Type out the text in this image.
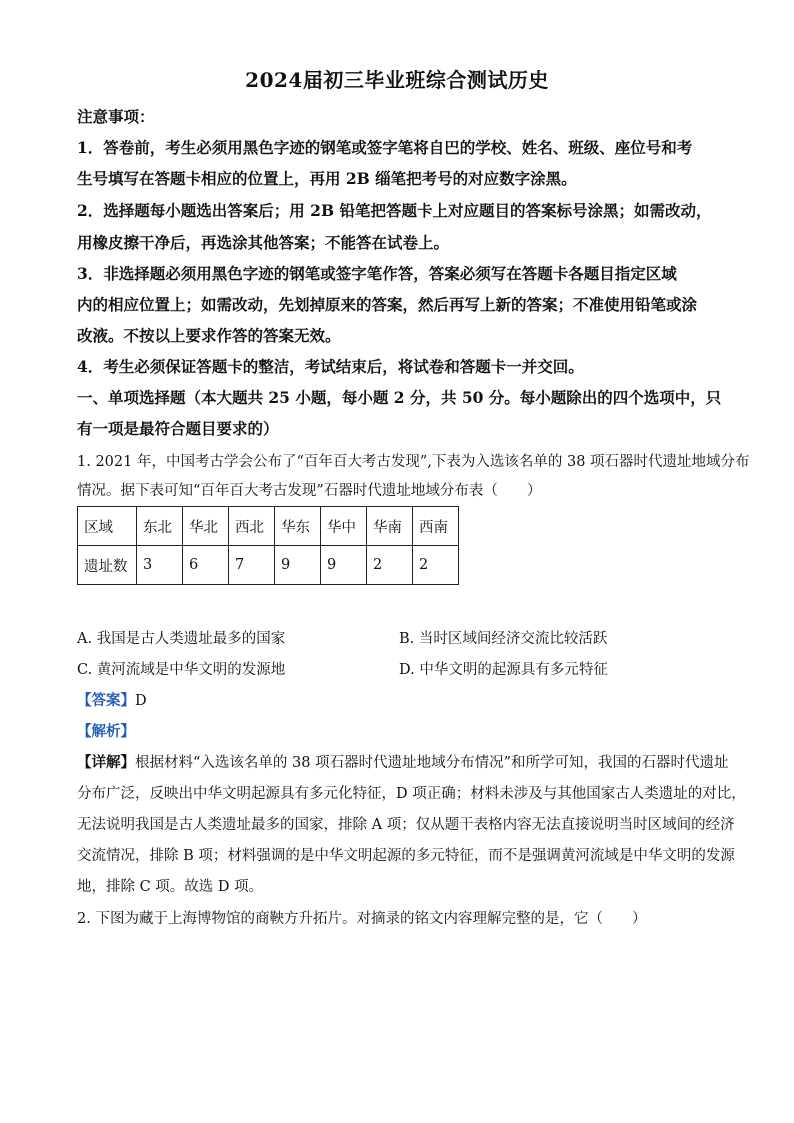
2024届初三毕业班综合测试历史
注意事项：
1．答卷前，考生必须用黑色字迹的钢笔或签字笔将自巴的学校、姓名、班级、座位号和考
生号填写在答题卡相应的位置上，再用 2B 缁笔把考号的对应数字涂黑。
2．选择题每小题选出答案后；用 2B 铅笔把答题卡上对应题目的答案标号涂黑；如需改动，
用橡皮擦干净后，再选涂其他答案；不能答在试卷上。
3．非选择题必须用黑色字迹的钢笔或签字笔作答，答案必须写在答题卡各题目指定区域
内的相应位置上；如需改动，先划掉原来的答案，然后再写上新的答案；不准使用铅笔或涂
改液。不按以上要求作答的答案无效。
4．考生必须保证答题卡的整洁，考试结束后，将试卷和答题卡一并交回。
一、单项选择题（本大题共 25 小题，每小题 2 分，共 50 分。每小题除出的四个选项中，只
有一项是最符合题目要求的）
1. 2021 年，中国考古学会公布了“百年百大考古发现”,下表为入选该名单的 38 项石器时代遗址地域分布
情况。据下表可知“百年百大考古发现”石器时代遗址地域分布表（　　）
区域	东北	华北	西北	华东	华中	华南	西南
遗址数	3	6	7	9	9	2	2
A. 我国是古人类遗址最多的国家	B. 当时区域间经济交流比较活跃
C. 黄河流域是中华文明的发源地	D. 中华文明的起源具有多元特征
【答案】D
【解析】
【详解】根据材料“入选该名单的 38 项石器时代遗址地域分布情况”和所学可知，我国的石器时代遗址
分布广泛，反映出中华文明起源具有多元化特征，D 项正确；材料未涉及与其他国家古人类遗址的对比，
无法说明我国是古人类遗址最多的国家，排除 A 项；仅从题干表格内容无法直接说明当时区域间的经济
交流情况，排除 B 项；材料强调的是中华文明起源的多元特征，而不是强调黄河流域是中华文明的发源
地，排除 C 项。故选 D 项。
2. 下图为藏于上海博物馆的商鞅方升拓片。对摘录的铭文内容理解完整的是，它（　　）
